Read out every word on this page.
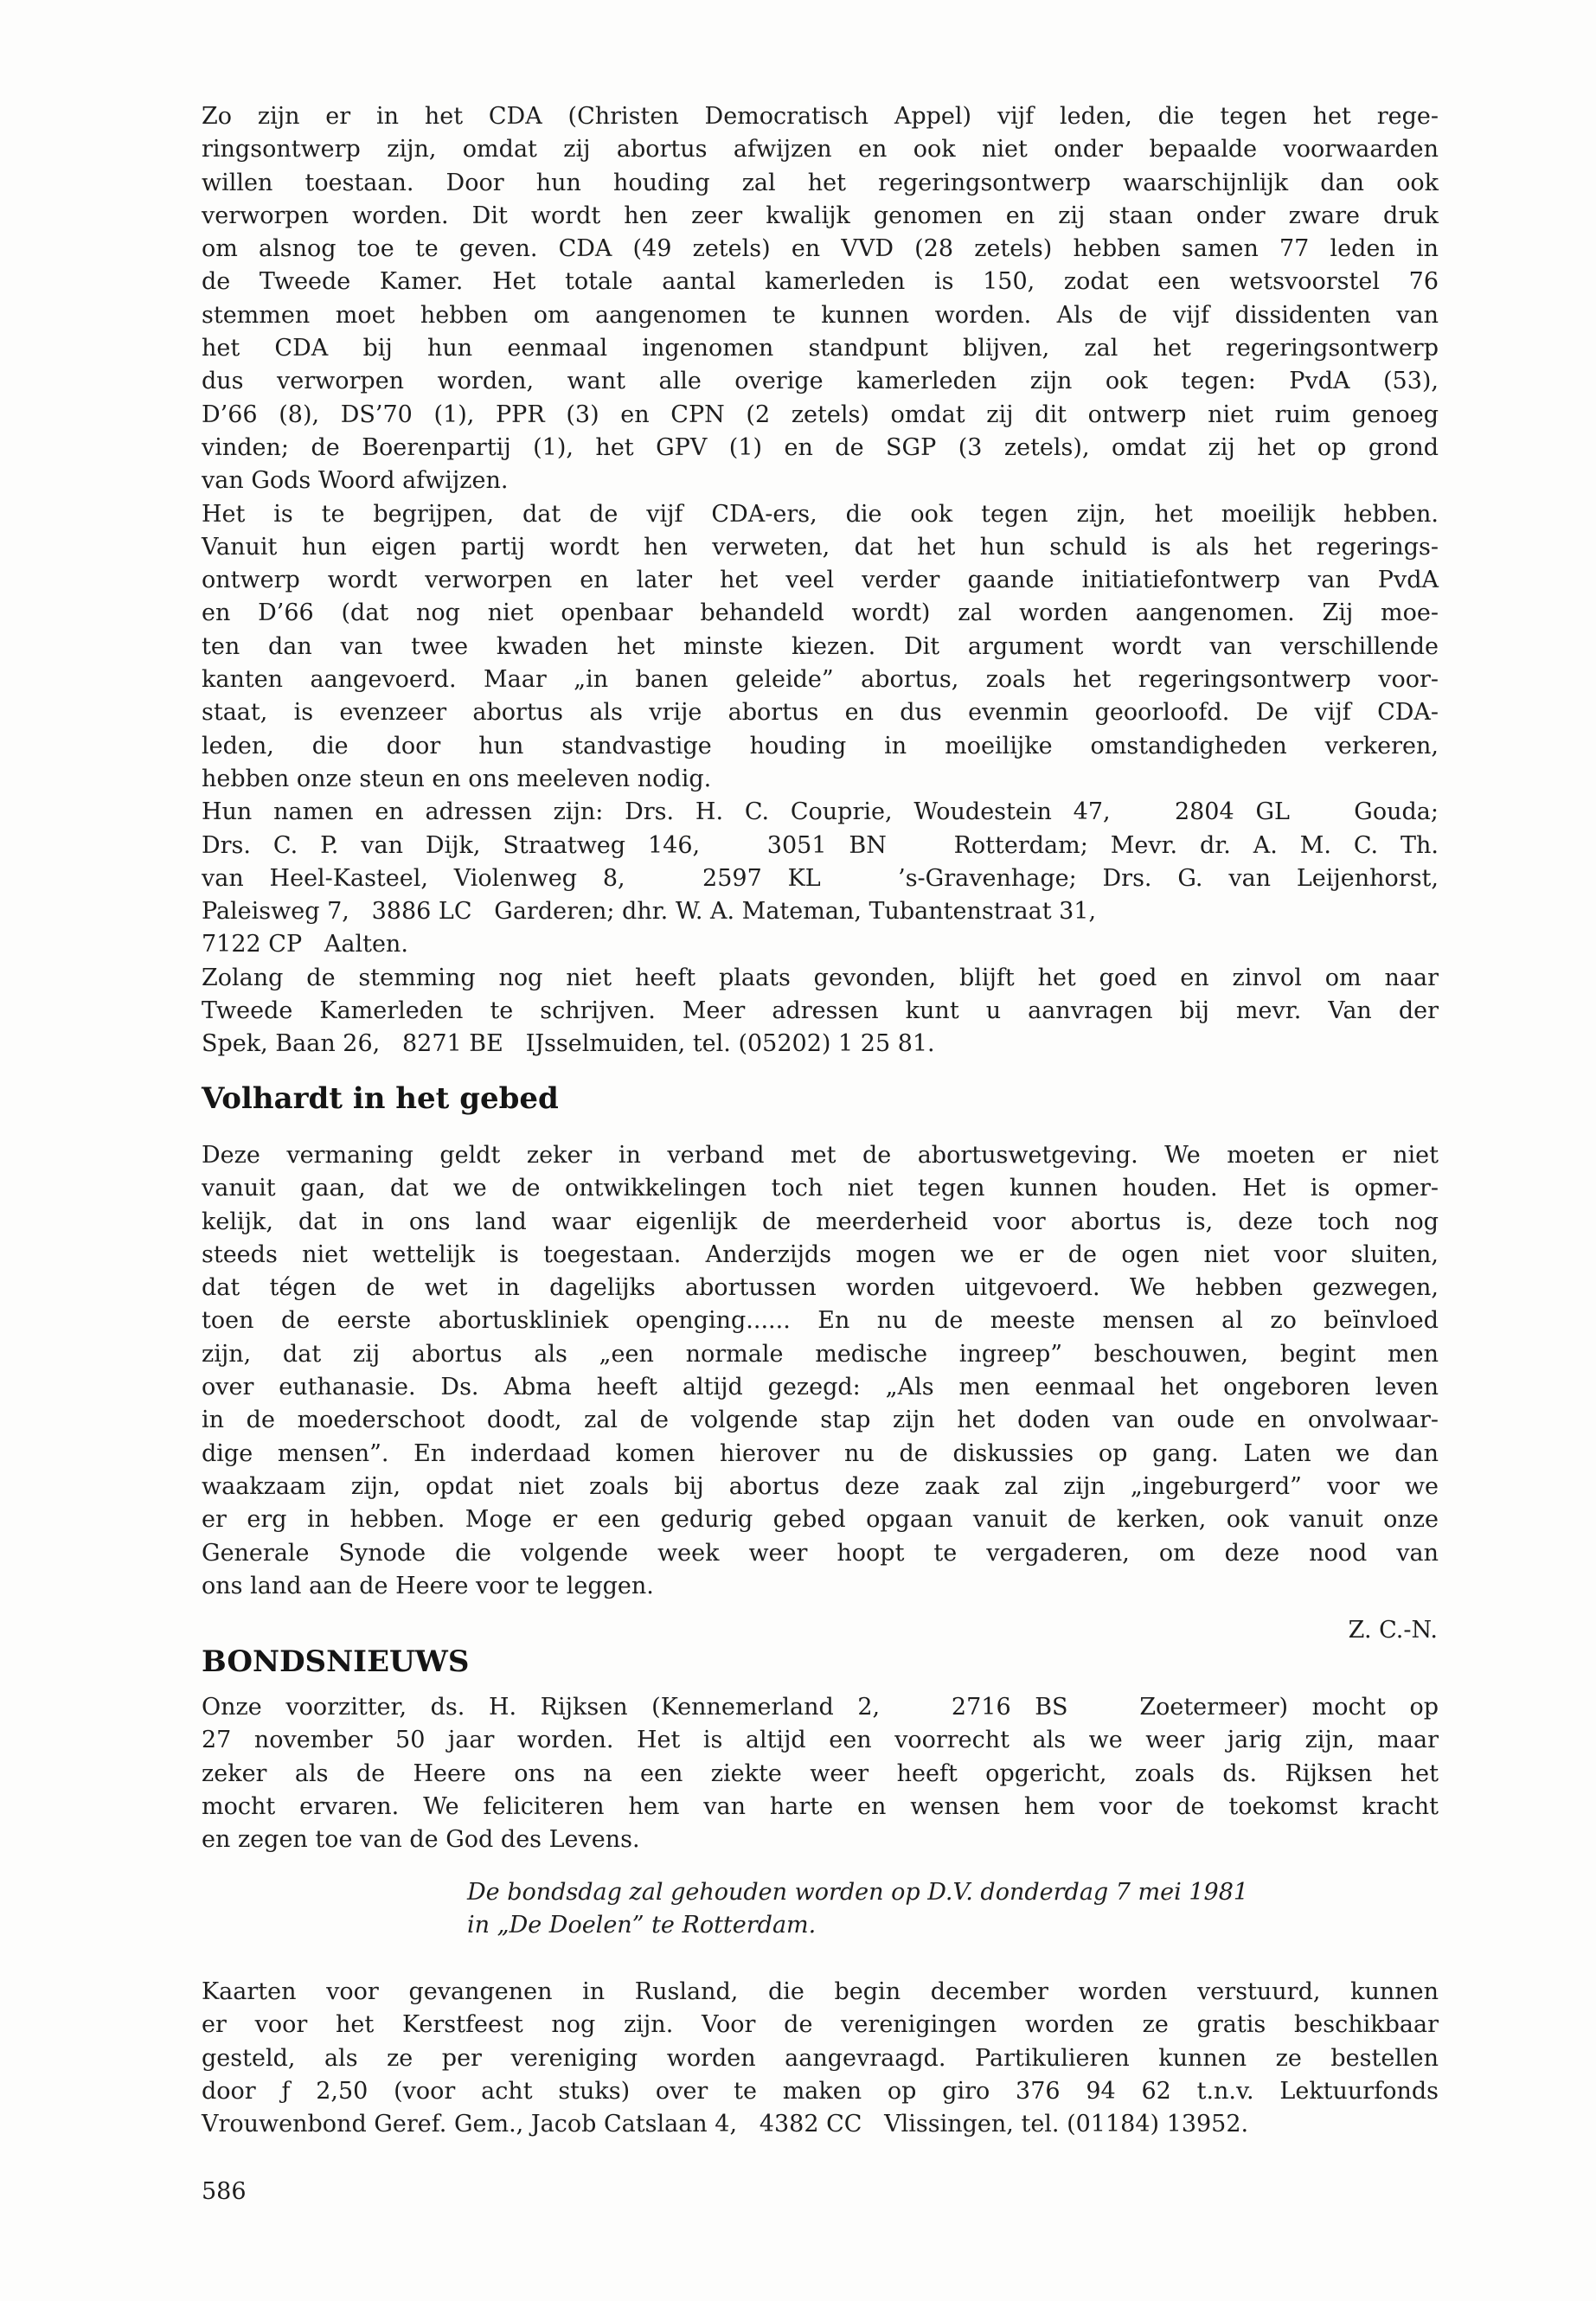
Zo zijn er in het CDA (Christen Democratisch Appel) vijf leden, die tegen het rege-
ringsontwerp zijn, omdat zij abortus afwijzen en ook niet onder bepaalde voorwaarden
willen toestaan. Door hun houding zal het regeringsontwerp waarschijnlijk dan ook
verworpen worden. Dit wordt hen zeer kwalijk genomen en zij staan onder zware druk
om alsnog toe te geven. CDA (49 zetels) en VVD (28 zetels) hebben samen 77 leden in
de Tweede Kamer. Het totale aantal kamerleden is 150, zodat een wetsvoorstel 76
stemmen moet hebben om aangenomen te kunnen worden. Als de vijf dissidenten van
het CDA bij hun eenmaal ingenomen standpunt blijven, zal het regeringsontwerp
dus verworpen worden, want alle overige kamerleden zijn ook tegen: PvdA (53),
D’66 (8), DS’70 (1), PPR (3) en CPN (2 zetels) omdat zij dit ontwerp niet ruim genoeg
vinden; de Boerenpartij (1), het GPV (1) en de SGP (3 zetels), omdat zij het op grond
van Gods Woord afwijzen.
Het is te begrijpen, dat de vijf CDA-ers, die ook tegen zijn, het moeilijk hebben.
Vanuit hun eigen partij wordt hen verweten, dat het hun schuld is als het regerings-
ontwerp wordt verworpen en later het veel verder gaande initiatiefontwerp van PvdA
en D’66 (dat nog niet openbaar behandeld wordt) zal worden aangenomen. Zij moe-
ten dan van twee kwaden het minste kiezen. Dit argument wordt van verschillende
kanten aangevoerd. Maar „in banen geleide” abortus, zoals het regeringsontwerp voor-
staat, is evenzeer abortus als vrije abortus en dus evenmin geoorloofd. De vijf CDA-
leden, die door hun standvastige houding in moeilijke omstandigheden verkeren,
hebben onze steun en ons meeleven nodig.
Hun namen en adressen zijn: Drs. H. C. Couprie, Woudestein 47,   2804 GL   Gouda;
Drs. C. P. van Dijk, Straatweg 146,   3051 BN   Rotterdam; Mevr. dr. A. M. C. Th.
van Heel-Kasteel, Violenweg 8,   2597 KL   ’s-Gravenhage; Drs. G. van Leijenhorst,
Paleisweg 7,   3886 LC   Garderen; dhr. W. A. Mateman, Tubantenstraat 31,
7122 CP   Aalten.
Zolang de stemming nog niet heeft plaats gevonden, blijft het goed en zinvol om naar
Tweede Kamerleden te schrijven. Meer adressen kunt u aanvragen bij mevr. Van der
Spek, Baan 26,   8271 BE   IJsselmuiden, tel. (05202) 1 25 81.
Volhardt in het gebed
Deze vermaning geldt zeker in verband met de abortuswetgeving. We moeten er niet
vanuit gaan, dat we de ontwikkelingen toch niet tegen kunnen houden. Het is opmer-
kelijk, dat in ons land waar eigenlijk de meerderheid voor abortus is, deze toch nog
steeds niet wettelijk is toegestaan. Anderzijds mogen we er de ogen niet voor sluiten,
dat tégen de wet in dagelijks abortussen worden uitgevoerd. We hebben gezwegen,
toen de eerste abortuskliniek openging...... En nu de meeste mensen al zo beïnvloed
zijn, dat zij abortus als „een normale medische ingreep” beschouwen, begint men
over euthanasie. Ds. Abma heeft altijd gezegd: „Als men eenmaal het ongeboren leven
in de moederschoot doodt, zal de volgende stap zijn het doden van oude en onvolwaar-
dige mensen”. En inderdaad komen hierover nu de diskussies op gang. Laten we dan
waakzaam zijn, opdat niet zoals bij abortus deze zaak zal zijn „ingeburgerd” voor we
er erg in hebben. Moge er een gedurig gebed opgaan vanuit de kerken, ook vanuit onze
Generale Synode die volgende week weer hoopt te vergaderen, om deze nood van
ons land aan de Heere voor te leggen.
Z. C.-N.
BONDSNIEUWS
Onze voorzitter, ds. H. Rijksen (Kennemerland 2,   2716 BS   Zoetermeer) mocht op
27 november 50 jaar worden. Het is altijd een voorrecht als we weer jarig zijn, maar
zeker als de Heere ons na een ziekte weer heeft opgericht, zoals ds. Rijksen het
mocht ervaren. We feliciteren hem van harte en wensen hem voor de toekomst kracht
en zegen toe van de God des Levens.
De bondsdag zal gehouden worden op D.V. donderdag 7 mei 1981
in „De Doelen” te Rotterdam.
Kaarten voor gevangenen in Rusland, die begin december worden verstuurd, kunnen
er voor het Kerstfeest nog zijn. Voor de verenigingen worden ze gratis beschikbaar
gesteld, als ze per vereniging worden aangevraagd. Partikulieren kunnen ze bestellen
door ƒ 2,50 (voor acht stuks) over te maken op giro 376 94 62 t.n.v. Lektuurfonds
Vrouwenbond Geref. Gem., Jacob Catslaan 4,   4382 CC   Vlissingen, tel. (01184) 13952.
586
